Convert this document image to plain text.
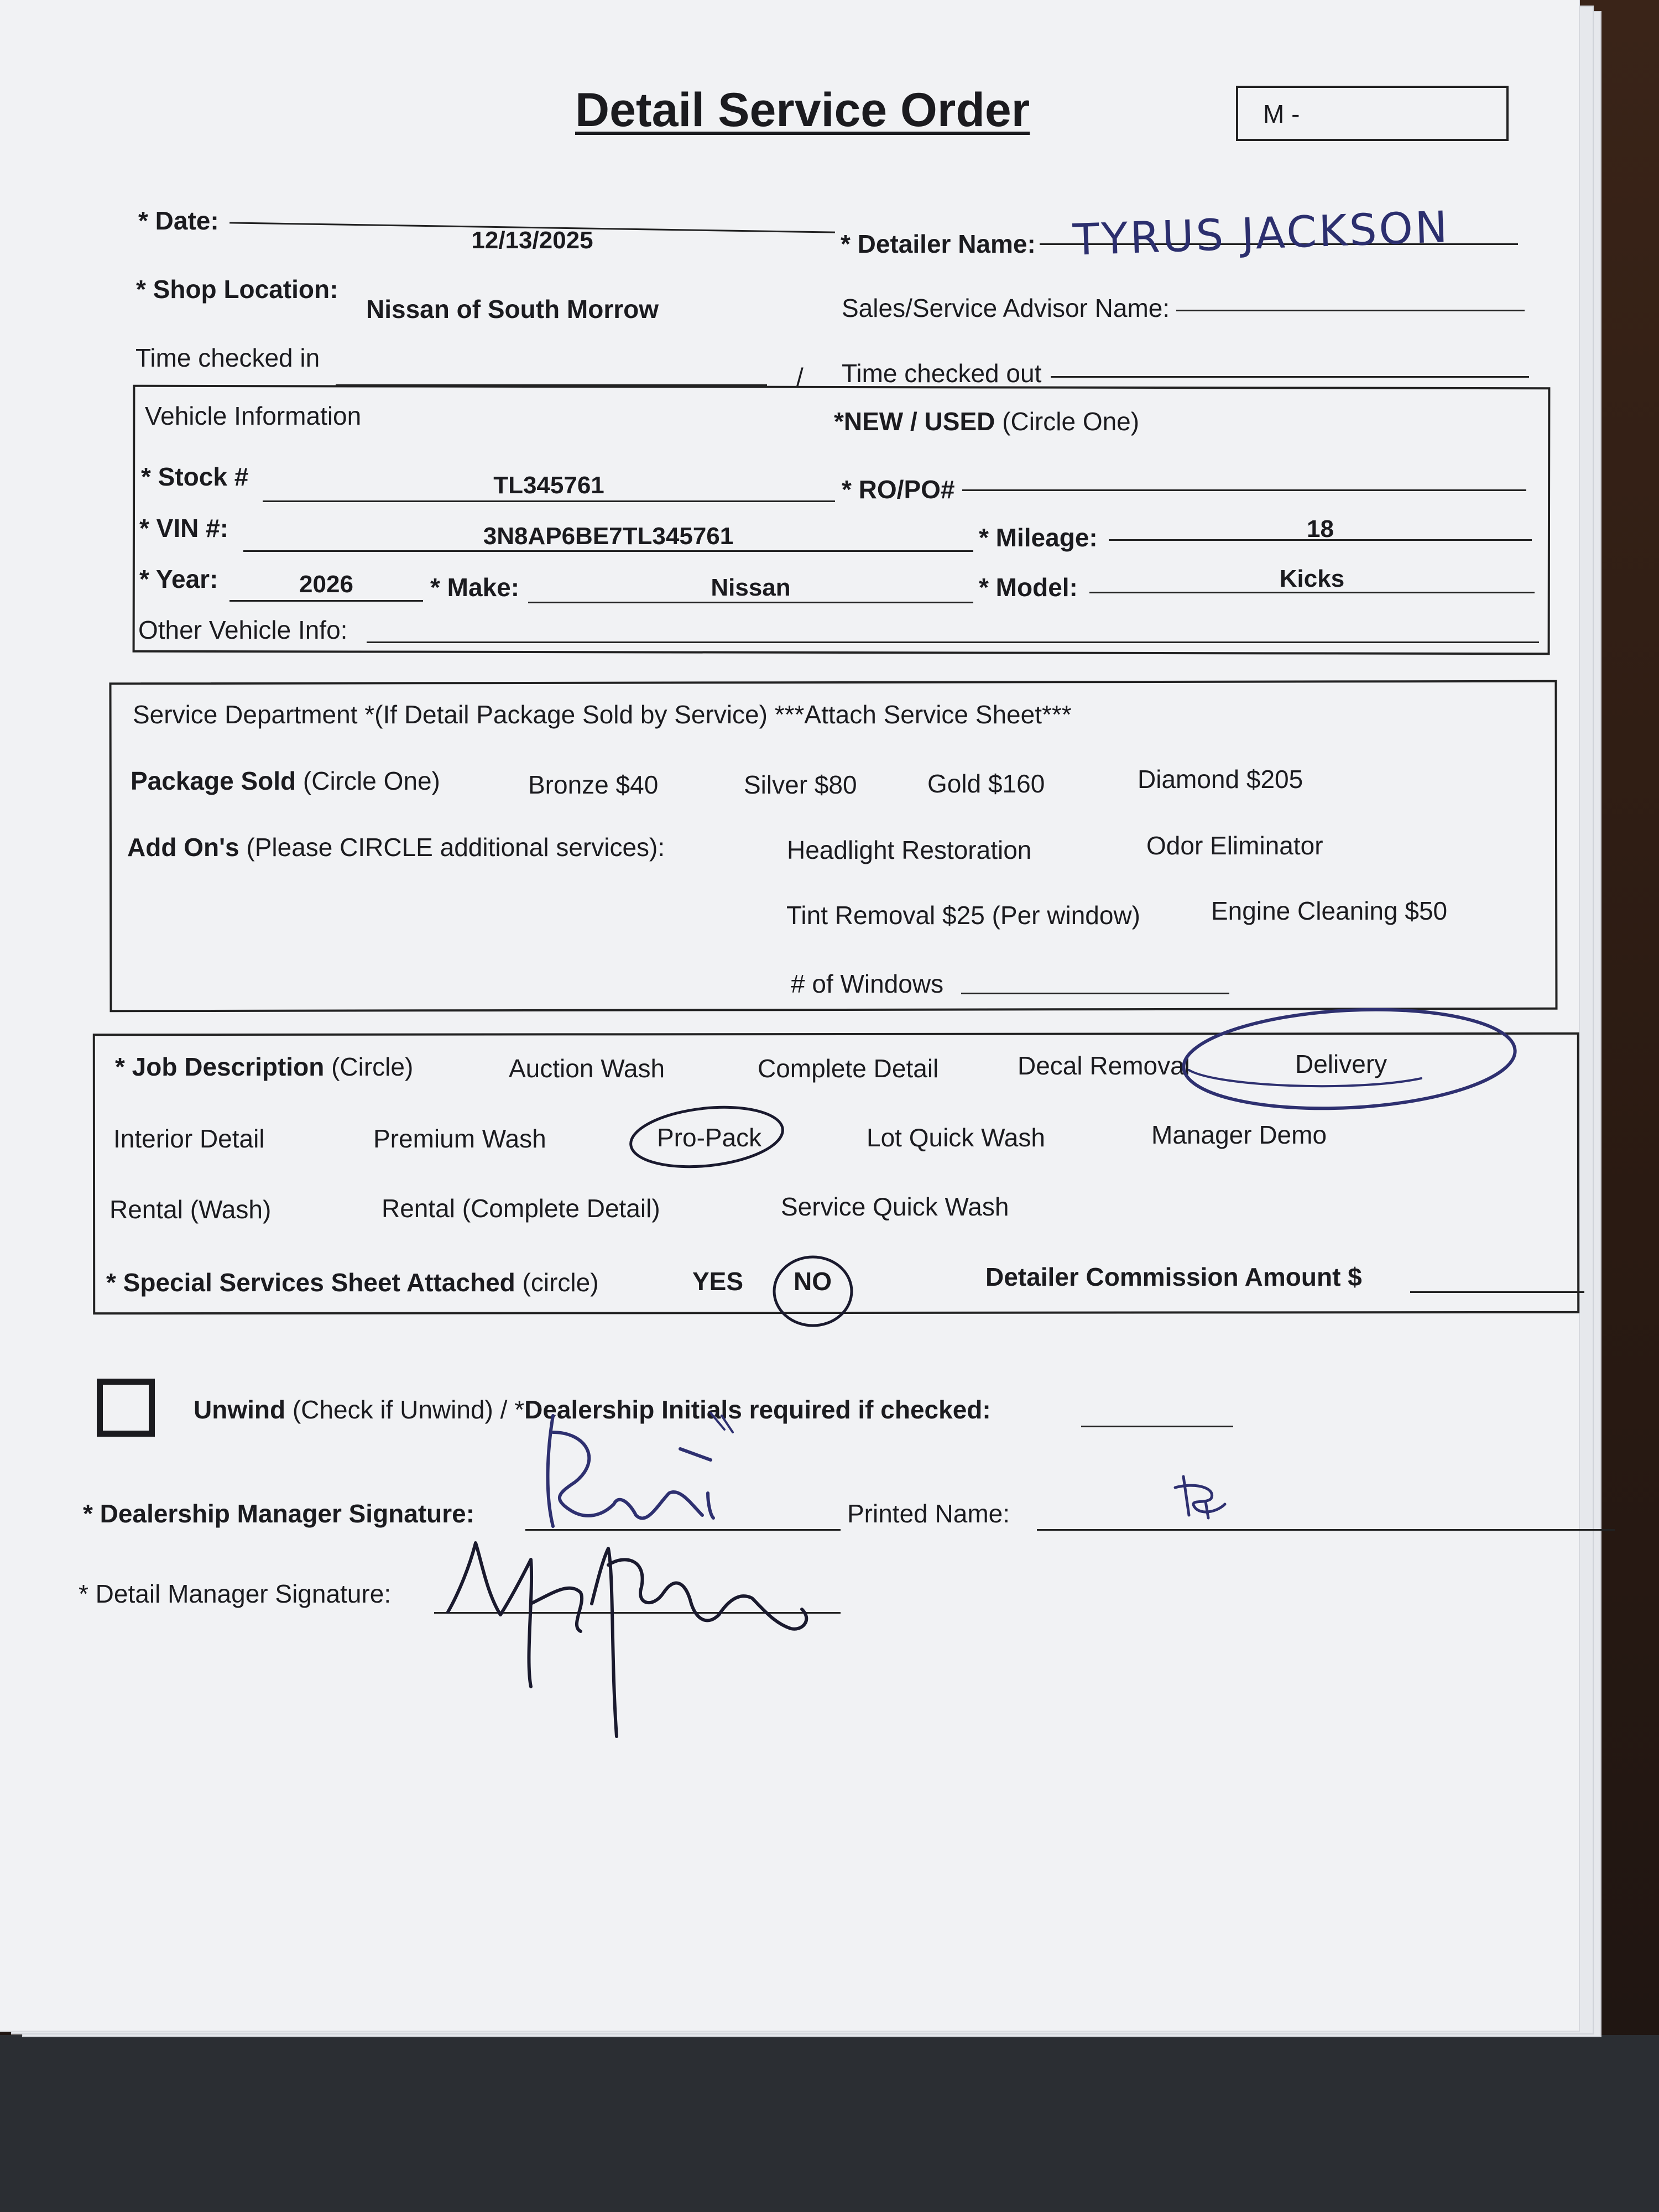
Detail Service Order	M -
* Date:
12/13/2025	* Detailer Name: TYRUS JACKSON
* Shop Location:
Nissan of South Morrow	Sales/Service Advisor Name:
Time checked in
/ Time checked out
Vehicle Information	*NEW / USED (Circle One)
* Stock #	TL345761	* RO/PO#
* VIN #:	3N8AP6BE7TL345761	* Mileage:	18
* Year:	2026	* Make:	Nissan	* Model:	Kicks
Other Vehicle Info:
Service Department *(If Detail Package Sold by Service) ***Attach Service Sheet***
Package Sold (Circle One)	Bronze $40	Silver $80	Gold $160	Diamond $205
Add On's (Please CIRCLE additional services):	Headlight Restoration	Odor Eliminator
Tint Removal $25 (Per window)	Engine Cleaning $50
# of Windows
* Job Description (Circle)	Auction Wash	Complete Detail	Decal Removal	Delivery
Interior Detail	Premium Wash	Pro-Pack	Lot Quick Wash	Manager Demo
Rental (Wash)	Rental (Complete Detail)	Service Quick Wash
* Special Services Sheet Attached (circle)	YES NO	Detailer Commission Amount $
Unwind (Check if Unwind) / *Dealership Initials required if checked:
* Dealership Manager Signature:	Printed Name:
* Detail Manager Signature:
